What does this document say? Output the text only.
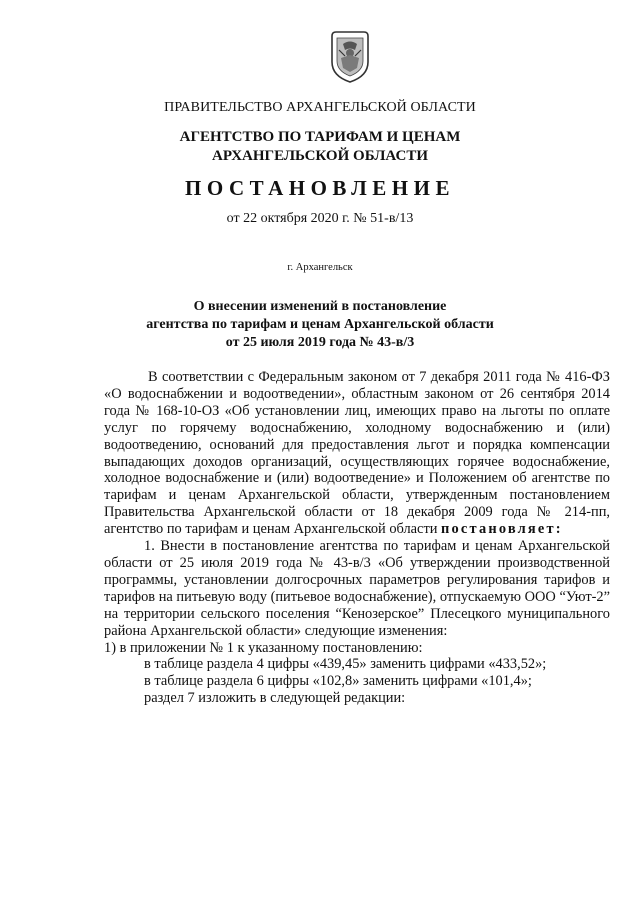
ПРАВИТЕЛЬСТВО АРХАНГЕЛЬСКОЙ ОБЛАСТИ
АГЕНТСТВО ПО ТАРИФАМ И ЦЕНАМ
АРХАНГЕЛЬСКОЙ ОБЛАСТИ
ПОСТАНОВЛЕНИЕ
от 22 октября 2020 г. № 51-в/13
г. Архангельск
О внесении изменений в постановление
агентства по тарифам и ценам Архангельской области
от 25 июля 2019 года № 43-в/3

В соответствии с Федеральным законом от 7 декабря 2011 года № 416-ФЗ «О водоснабжении и водоотведении», областным законом от 26 сентября 2014 года № 168-10-ОЗ «Об установлении лиц, имеющих право на льготы по оплате услуг по горячему водоснабжению, холодному водоснабжению и (или) водоотведению, оснований для предоставления льгот и порядка компенсации выпадающих доходов организаций, осуществляющих горячее водоснабжение, холодное водоснабжение и (или) водоотведение» и Положением об агентстве по тарифам и ценам Архангельской области, утвержденным постановлением Правительства Архангельской области от 18 декабря 2009 года № 214-пп, агентство по тарифам и ценам Архангельской области постановляет:

1. Внести в постановление агентства по тарифам и ценам Архангельской области от 25 июля 2019 года № 43-в/3 «Об утверждении производственной программы, установлении долгосрочных параметров регулирования тарифов и тарифов на питьевую воду (питьевое водоснабжение), отпускаемую ООО “Уют-2” на территории сельского поселения “Кенозерское” Плесецкого муниципального района Архангельской области» следующие изменения:

1) в приложении № 1 к указанному постановлению:

в таблице раздела 4 цифры «439,45» заменить цифрами «433,52»;

в таблице раздела 6 цифры «102,8» заменить цифрами «101,4»;

раздел 7 изложить в следующей редакции:
